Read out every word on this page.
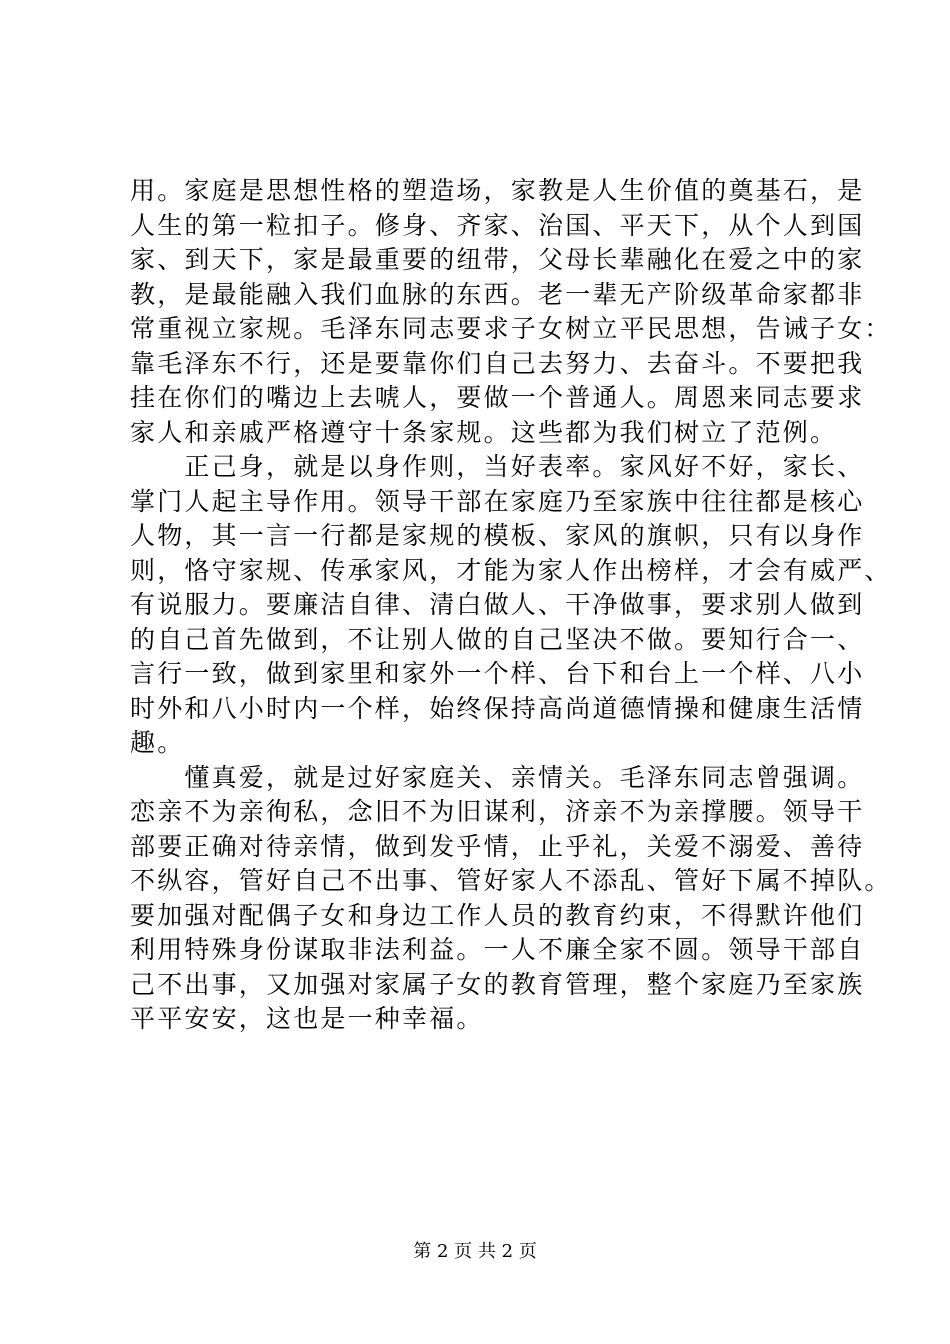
用。家庭是思想性格的塑造场，家教是人生价值的奠基石，是
人生的第一粒扣子。修身、齐家、治国、平天下，从个人到国
家、到天下，家是最重要的纽带，父母长辈融化在爱之中的家
教，是最能融入我们血脉的东西。老一辈无产阶级革命家都非
常重视立家规。毛泽东同志要求子女树立平民思想，告诫子女：
靠毛泽东不行，还是要靠你们自己去努力、去奋斗。不要把我
挂在你们的嘴边上去唬人，要做一个普通人。周恩来同志要求
家人和亲戚严格遵守十条家规。这些都为我们树立了范例。
　　正己身，就是以身作则，当好表率。家风好不好，家长、
掌门人起主导作用。领导干部在家庭乃至家族中往往都是核心
人物，其一言一行都是家规的模板、家风的旗帜，只有以身作
则，恪守家规、传承家风，才能为家人作出榜样，才会有威严、
有说服力。要廉洁自律、清白做人、干净做事，要求别人做到
的自己首先做到，不让别人做的自己坚决不做。要知行合一、
言行一致，做到家里和家外一个样、台下和台上一个样、八小
时外和八小时内一个样，始终保持高尚道德情操和健康生活情
趣。
　　懂真爱，就是过好家庭关、亲情关。毛泽东同志曾强调。
恋亲不为亲徇私，念旧不为旧谋利，济亲不为亲撑腰。领导干
部要正确对待亲情，做到发乎情，止乎礼，关爱不溺爱、善待
不纵容，管好自己不出事、管好家人不添乱、管好下属不掉队。
要加强对配偶子女和身边工作人员的教育约束，不得默许他们
利用特殊身份谋取非法利益。一人不廉全家不圆。领导干部自
己不出事，又加强对家属子女的教育管理，整个家庭乃至家族
平平安安，这也是一种幸福。
第 2 页 共 2 页
